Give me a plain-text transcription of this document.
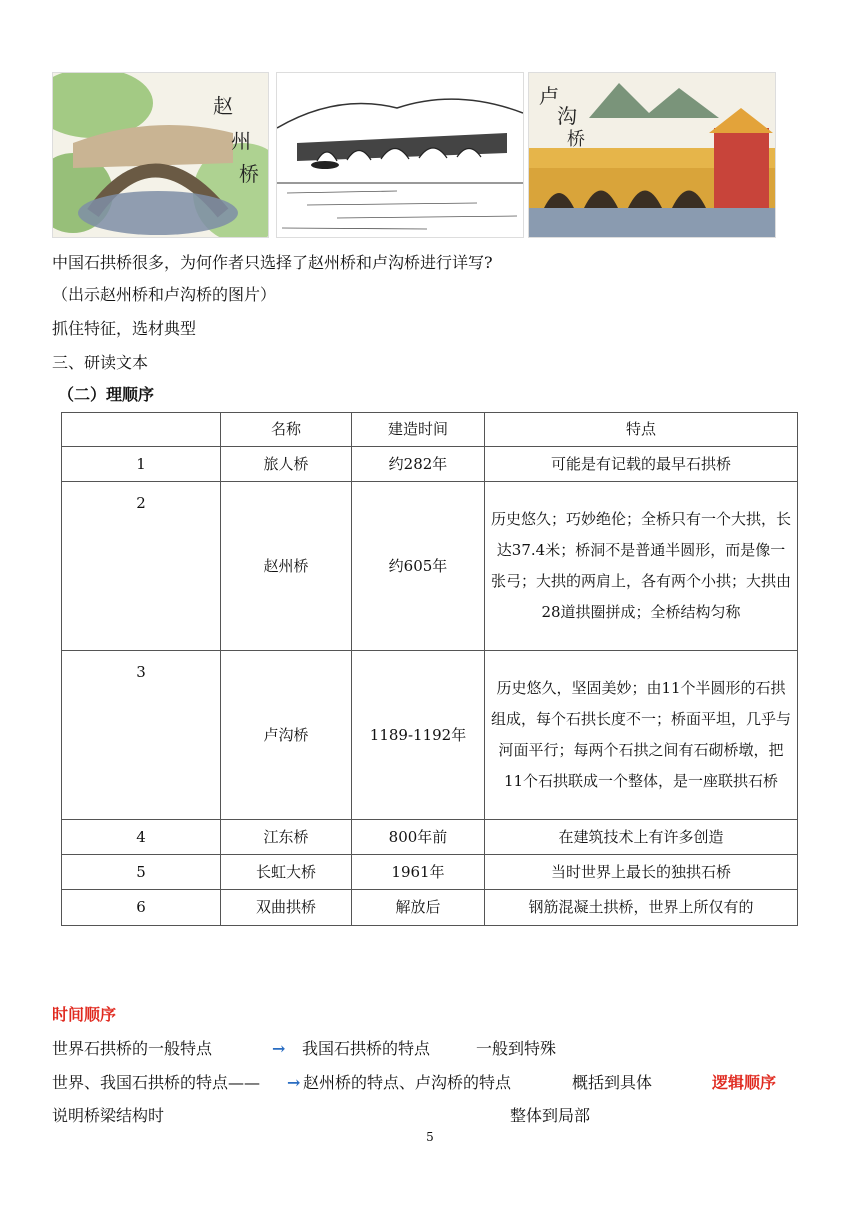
赵
州
桥
卢
沟
桥
中国石拱桥很多，为何作者只选择了赵州桥和卢沟桥进行详写?
（出示赵州桥和卢沟桥的图片）
抓住特征，选材典型
三、研读文本
（二）理顺序
	名称	建造时间	特点
1	旅人桥	约282年	可能是有记载的最早石拱桥
2	赵州桥	约605年	历史悠久；巧妙绝伦；全桥只有一个大拱，长达37.4米；桥洞不是普通半圆形，而是像一张弓；大拱的两肩上，各有两个小拱；大拱由28道拱圈拼成；全桥结构匀称
3	卢沟桥	1189-1192年	历史悠久，坚固美妙；由11个半圆形的石拱组成，每个石拱长度不一；桥面平坦，几乎与河面平行；每两个石拱之间有石砌桥墩，把11个石拱联成一个整体，是一座联拱石桥
4	江东桥	800年前	在建筑技术上有许多创造
5	长虹大桥	1961年	当时世界上最长的独拱石桥
6	双曲拱桥	解放后	钢筋混凝土拱桥，世界上所仅有的
时间顺序
世界石拱桥的一般特点	→ 我国石拱桥的特点	一般到特殊
世界、我国石拱桥的特点—— → 赵州桥的特点、卢沟桥的特点	概括到具体	逻辑顺序
说明桥梁结构时	整体到局部
5
